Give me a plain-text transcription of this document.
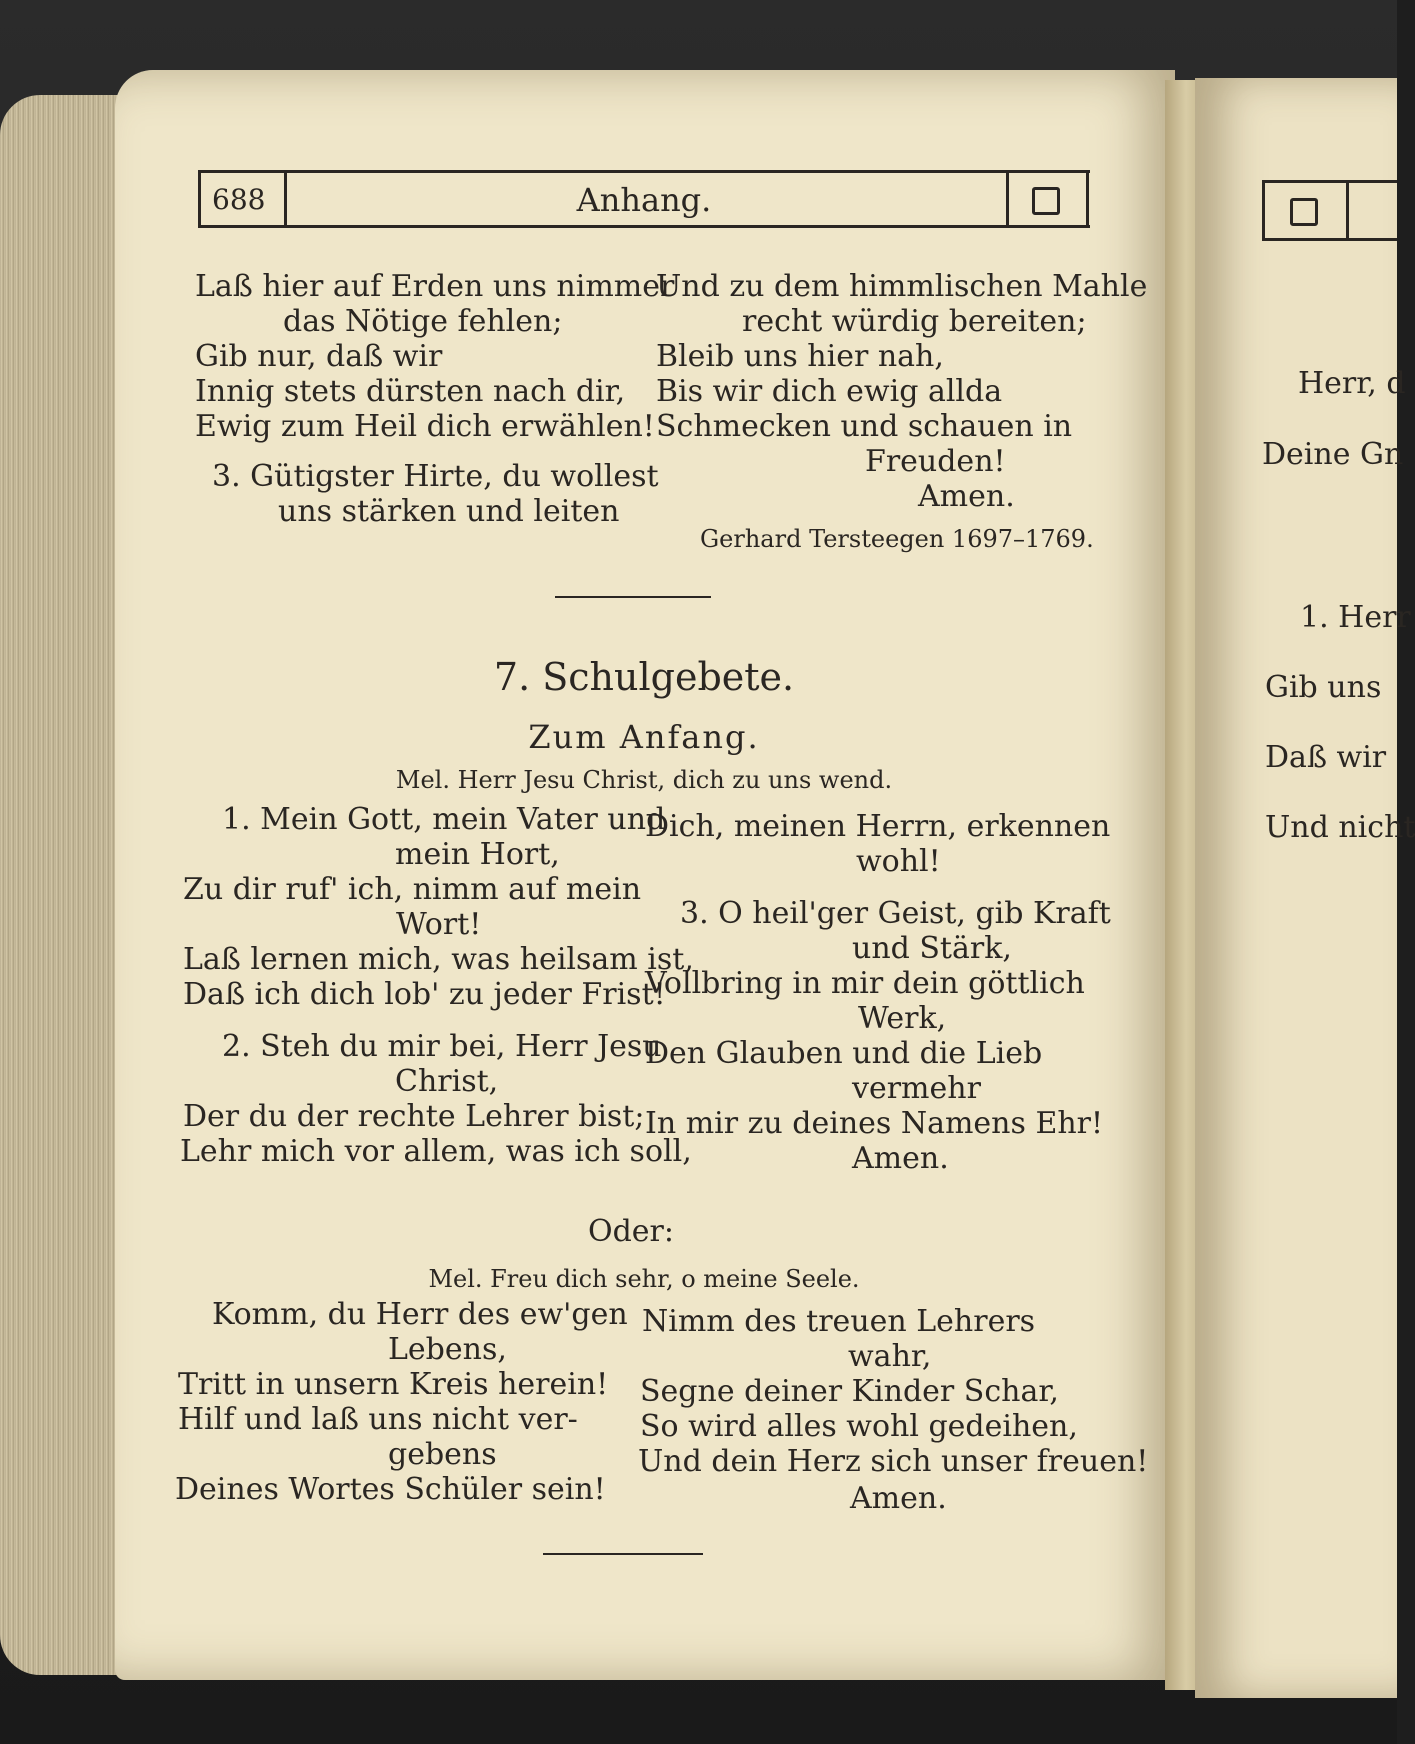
688	Anhang.
Laß hier auf Erden uns nimmer
das Nötige fehlen;
Gib nur, daß wir
Innig stets dürsten nach dir,
Ewig zum Heil dich erwählen!
3. Gütigster Hirte, du wollest
uns stärken und leiten
Und zu dem himmlischen Mahle
recht würdig bereiten;
Bleib uns hier nah,
Bis wir dich ewig allda
Schmecken und schauen in
Freuden!
Amen.
Gerhard Tersteegen 1697–1769.
7. Schulgebete.
Zum Anfang.
Mel. Herr Jesu Christ, dich zu uns wend.
1. Mein Gott, mein Vater und
mein Hort,
Zu dir ruf' ich, nimm auf mein
Wort!
Laß lernen mich, was heilsam ist,
Daß ich dich lob' zu jeder Frist!
2. Steh du mir bei, Herr Jesu
Christ,
Der du der rechte Lehrer bist;
Lehr mich vor allem, was ich soll,
Dich, meinen Herrn, erkennen
wohl!
3. O heil'ger Geist, gib Kraft
und Stärk,
Vollbring in mir dein göttlich
Werk,
Den Glauben und die Lieb
vermehr
In mir zu deines Namens Ehr!
Amen.
Oder:
Mel. Freu dich sehr, o meine Seele.
Komm, du Herr des ew'gen
Lebens,
Tritt in unsern Kreis herein!
Hilf und laß uns nicht ver-
gebens
Deines Wortes Schüler sein!
Nimm des treuen Lehrers
wahr,
Segne deiner Kinder Schar,
So wird alles wohl gedeihen,
Und dein Herz sich unser freuen!
Amen.
Herr, d
Deine Gn
1. Herr
Gib uns
Daß wir
Und nicht
